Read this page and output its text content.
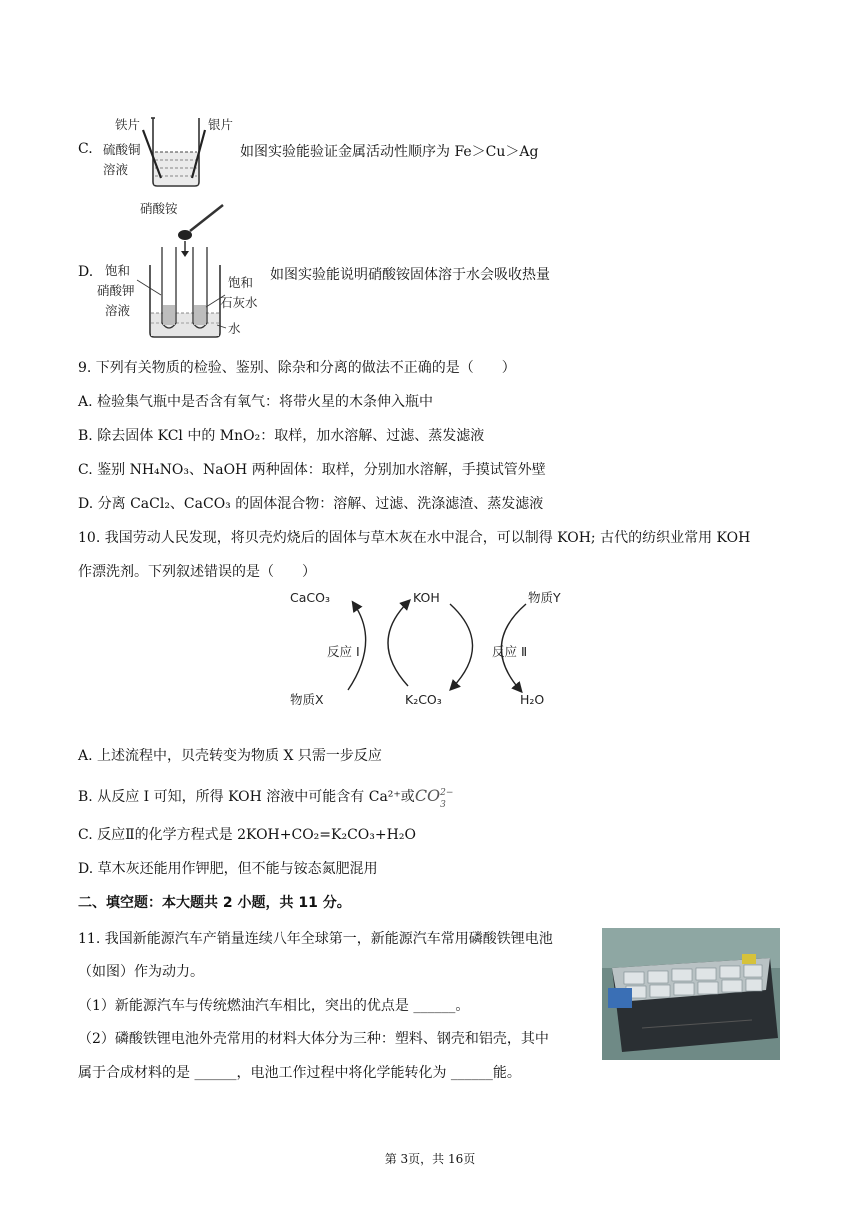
C.
铁片	银片
硫酸铜
溶液
如图实验能验证金属活动性顺序为 Fe＞Cu＞Ag
D.
硝酸铵
饱和
硝酸钾
溶液
饱和
石灰水
水
如图实验能说明硝酸铵固体溶于水会吸收热量
9. 下列有关物质的检验、鉴别、除杂和分离的做法不正确的是（　　）
A. 检验集气瓶中是否含有氧气：将带火星的木条伸入瓶中
B. 除去固体 KCl 中的 MnO₂：取样，加水溶解、过滤、蒸发滤液
C. 鉴别 NH₄NO₃、NaOH 两种固体：取样，分别加水溶解，手摸试管外壁
D. 分离 CaCl₂、CaCO₃ 的固体混合物：溶解、过滤、洗涤滤渣、蒸发滤液
10. 我国劳动人民发现，将贝壳灼烧后的固体与草木灰在水中混合，可以制得 KOH; 古代的纺织业常用 KOH
作漂洗剂。下列叙述错误的是（　　）
CaCO₃	KOH	物质Y
反应 I	反应 Ⅱ
物质X	K₂CO₃	H₂O
A. 上述流程中，贝壳转变为物质 X 只需一步反应
B. 从反应 I 可知，所得 KOH 溶液中可能含有 Ca²⁺或CO 2−
3
C. 反应Ⅱ的化学方程式是 2KOH+CO₂=K₂CO₃+H₂O
D. 草木灰还能用作钾肥，但不能与铵态氮肥混用
二、填空题：本大题共 2 小题，共 11 分。
11. 我国新能源汽车产销量连续八年全球第一，新能源汽车常用磷酸铁锂电池
（如图）作为动力。
（1）新能源汽车与传统燃油汽车相比，突出的优点是 ______。
（2）磷酸铁锂电池外壳常用的材料大体分为三种：塑料、钢壳和铝壳，其中
属于合成材料的是 ______，电池工作过程中将化学能转化为 ______能。
第 3页，共 16页
